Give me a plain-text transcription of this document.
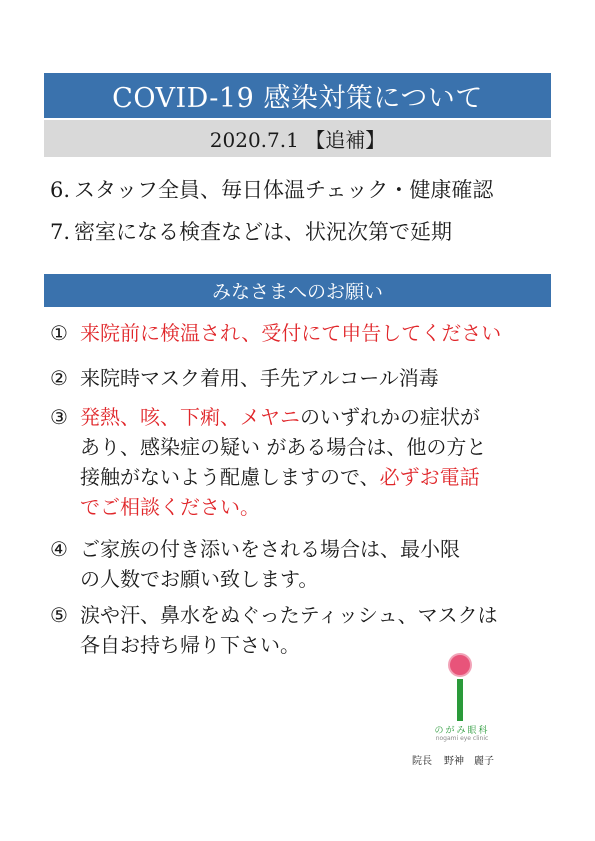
COVID-19 感染対策について
2020.7.1 【追補】
6. スタッフ全員、毎日体温チェック・健康確認
7. 密室になる検査などは、状況次第で延期
みなさまへのお願い
① 来院前に検温され、受付にて申告してください
② 来院時マスク着用、手先アルコール消毒
③ 発熱、咳、下痢、メヤニのいずれかの症状が
あり、感染症の疑い がある場合は、他の方と
接触がないよう配慮しますので、必ずお電話
でご相談ください。
④ ご家族の付き添いをされる場合は、最小限
の人数でお願い致します。
⑤ 涙や汗、鼻水をぬぐったティッシュ、マスクは
各自お持ち帰り下さい。
のがみ眼科
nogami eye clinic
院長 野神　麗子
